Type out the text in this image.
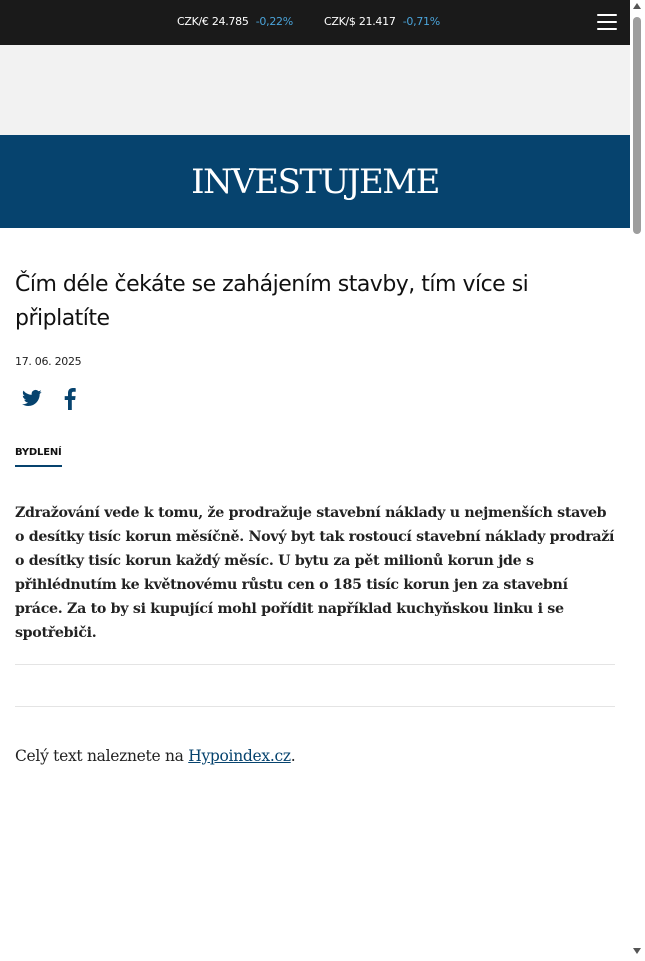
CZK/€ 24.785 -0,22%	CZK/$ 21.417 -0,71%
INVESTUJEME
Čím déle čekáte se zahájením stavby, tím více si připlatíte
17. 06. 2025
BYDLENÍ

Zdražování vede k tomu, že prodražuje stavební náklady u nejmenších staveb o desítky tisíc korun měsíčně. Nový byt tak rostoucí stavební náklady prodraží o desítky tisíc korun každý měsíc. U bytu za pět milionů korun jde s přihlédnutím ke květnovému růstu cen o 185 tisíc korun jen za stavební práce. Za to by si kupující mohl pořídit například kuchyňskou linku i se spotřebiči.

Celý text naleznete na Hypoindex.cz.
